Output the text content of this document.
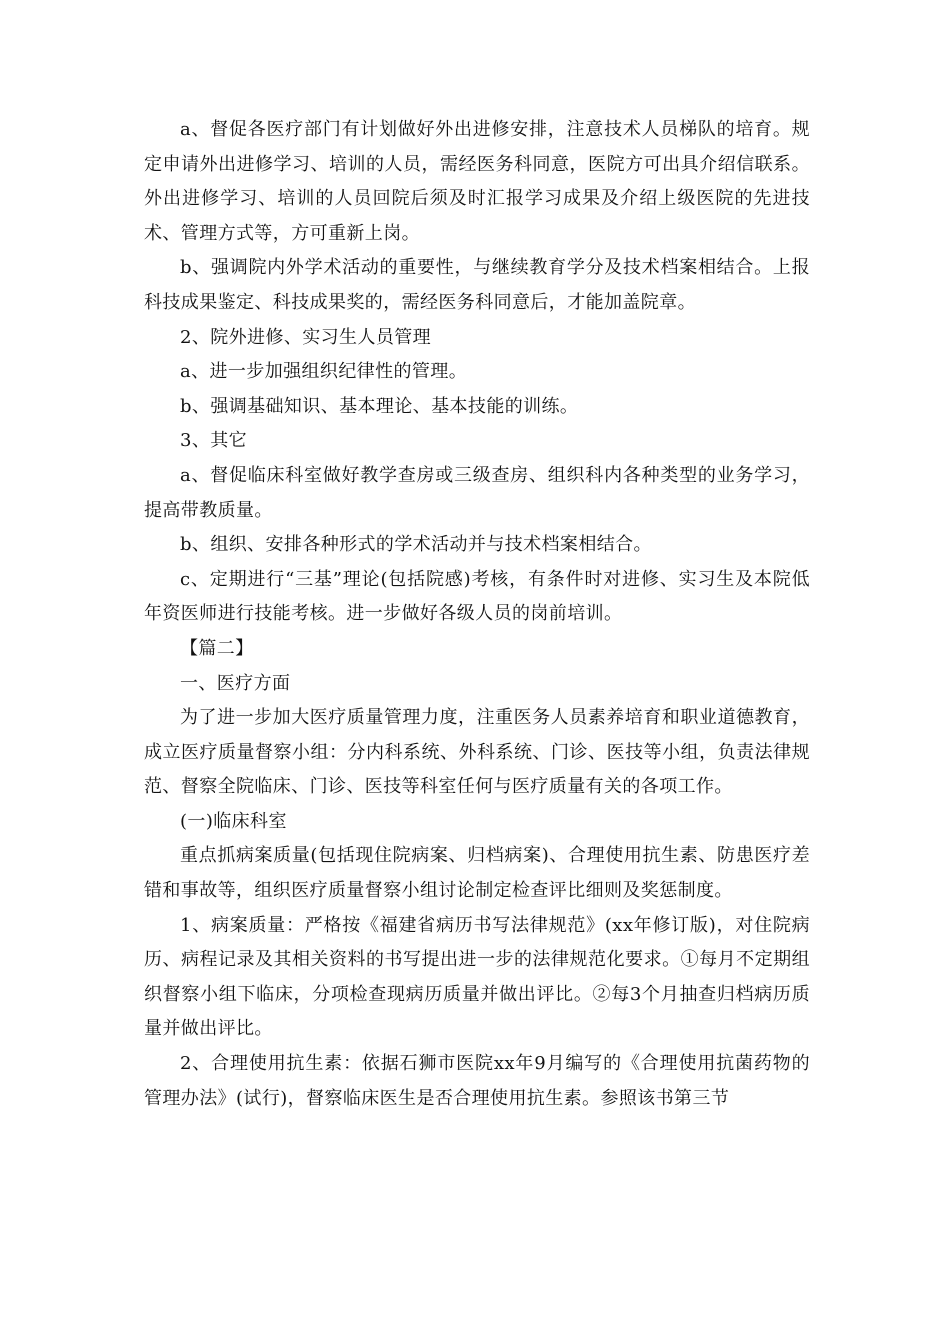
a、督促各医疗部门有计划做好外出进修安排，注意技术人员梯队的培育。规定申请外出进修学习、培训的人员，需经医务科同意，医院方可出具介绍信联系。外出进修学习、培训的人员回院后须及时汇报学习成果及介绍上级医院的先进技术、管理方式等，方可重新上岗。

b、强调院内外学术活动的重要性，与继续教育学分及技术档案相结合。上报科技成果鉴定、科技成果奖的，需经医务科同意后，才能加盖院章。

2、院外进修、实习生人员管理

a、进一步加强组织纪律性的管理。

b、强调基础知识、基本理论、基本技能的训练。

3、其它

a、督促临床科室做好教学查房或三级查房、组织科内各种类型的业务学习，提高带教质量。

b、组织、安排各种形式的学术活动并与技术档案相结合。

c、定期进行“三基”理论(包括院感)考核，有条件时对进修、实习生及本院低年资医师进行技能考核。进一步做好各级人员的岗前培训。

【篇二】

一、医疗方面

为了进一步加大医疗质量管理力度，注重医务人员素养培育和职业道德教育，成立医疗质量督察小组：分内科系统、外科系统、门诊、医技等小组，负责法律规范、督察全院临床、门诊、医技等科室任何与医疗质量有关的各项工作。

(一)临床科室

重点抓病案质量(包括现住院病案、归档病案)、合理使用抗生素、防患医疗差错和事故等，组织医疗质量督察小组讨论制定检查评比细则及奖惩制度。

1、病案质量：严格按《福建省病历书写法律规范》(xx年修订版)，对住院病历、病程记录及其相关资料的书写提出进一步的法律规范化要求。①每月不定期组织督察小组下临床，分项检查现病历质量并做出评比。②每3个月抽查归档病历质量并做出评比。

2、合理使用抗生素：依据石狮市医院xx年9月编写的《合理使用抗菌药物的管理办法》(试行)，督察临床医生是否合理使用抗生素。参照该书第三节
